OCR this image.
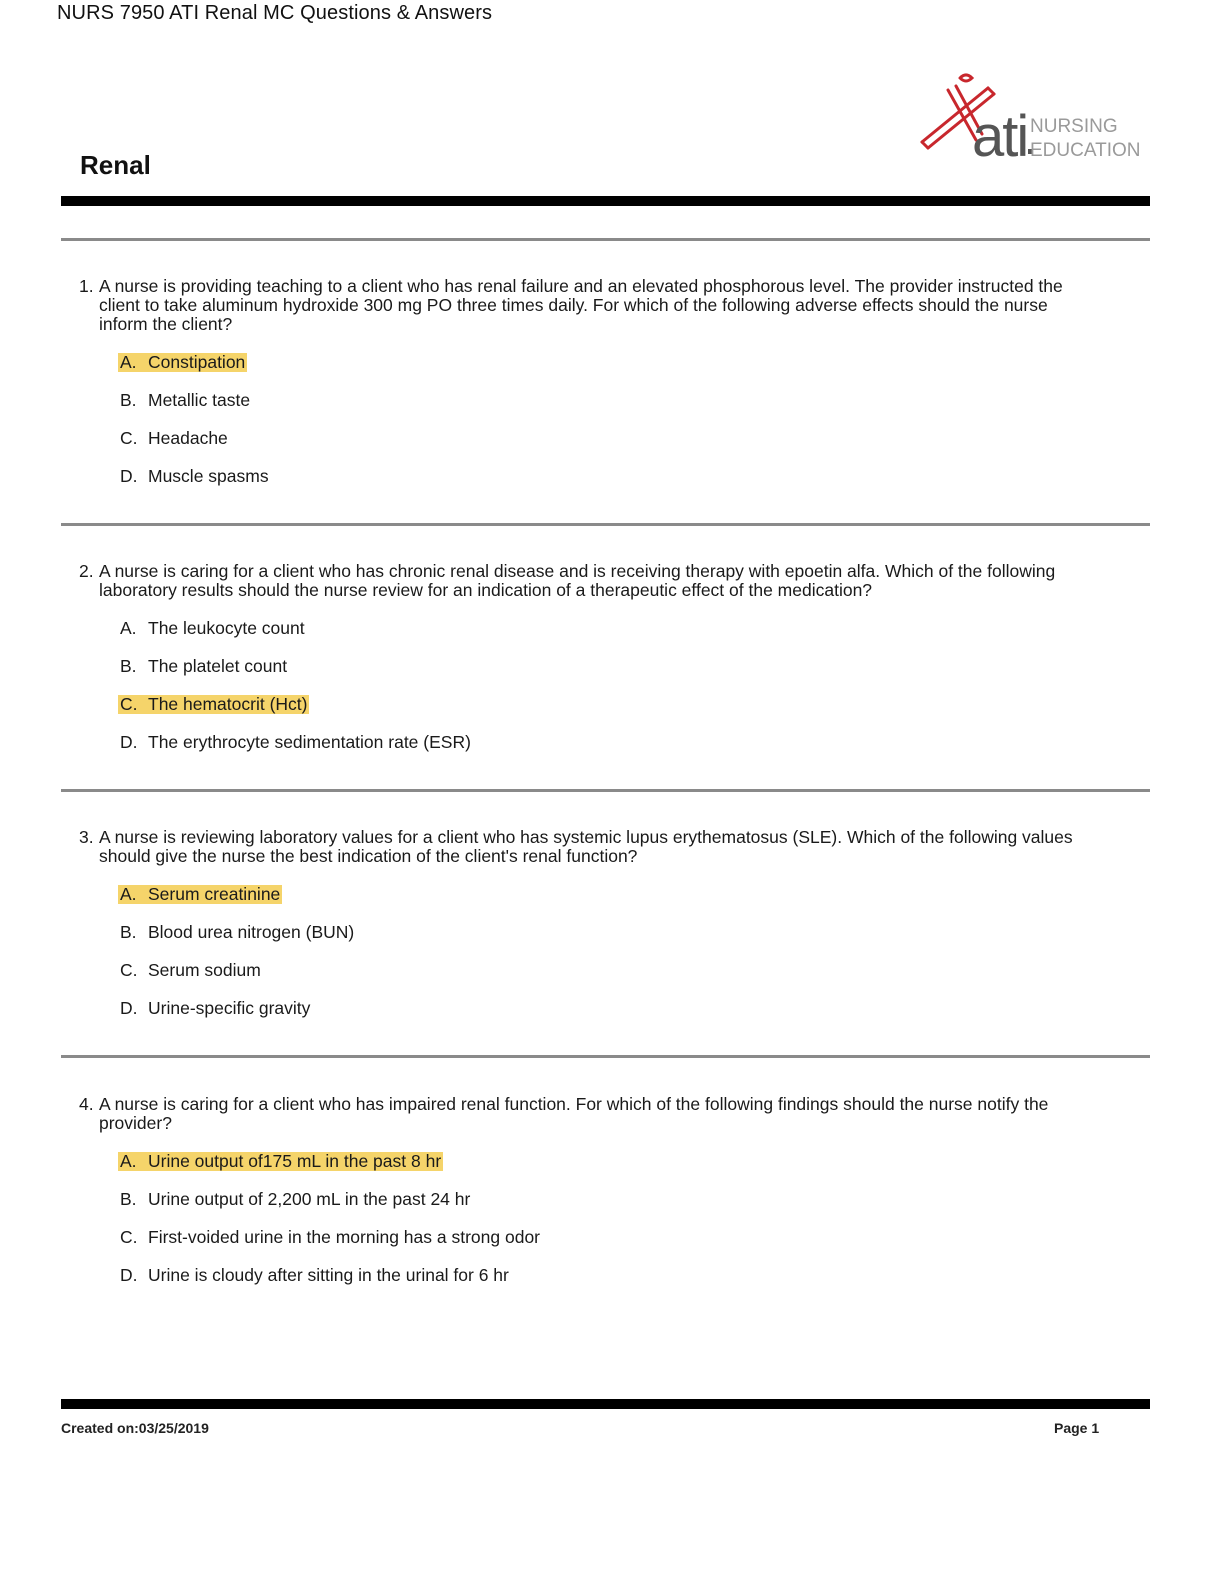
NURS 7950 ATI Renal MC Questions & Answers
ati NURSING
EDUCATION
Renal

1. A nurse is providing teaching to a client who has renal failure and an elevated phosphorous level. The provider instructed the client to take aluminum hydroxide 300 mg PO three times daily. For which of the following adverse effects should the nurse inform the client?

A. Constipation
B. Metallic taste
C. Headache
D. Muscle spasms

2. A nurse is caring for a client who has chronic renal disease and is receiving therapy with epoetin alfa. Which of the following laboratory results should the nurse review for an indication of a therapeutic effect of the medication?

A. The leukocyte count
B. The platelet count
C. The hematocrit (Hct)
D. The erythrocyte sedimentation rate (ESR)

3. A nurse is reviewing laboratory values for a client who has systemic lupus erythematosus (SLE). Which of the following values should give the nurse the best indication of the client's renal function?

A. Serum creatinine
B. Blood urea nitrogen (BUN)
C. Serum sodium
D. Urine-specific gravity

4. A nurse is caring for a client who has impaired renal function. For which of the following findings should the nurse notify the provider?

A. Urine output of175 mL in the past 8 hr
B. Urine output of 2,200 mL in the past 24 hr
C. First-voided urine in the morning has a strong odor
D. Urine is cloudy after sitting in the urinal for 6 hr
Created on:03/25/2019	Page 1
